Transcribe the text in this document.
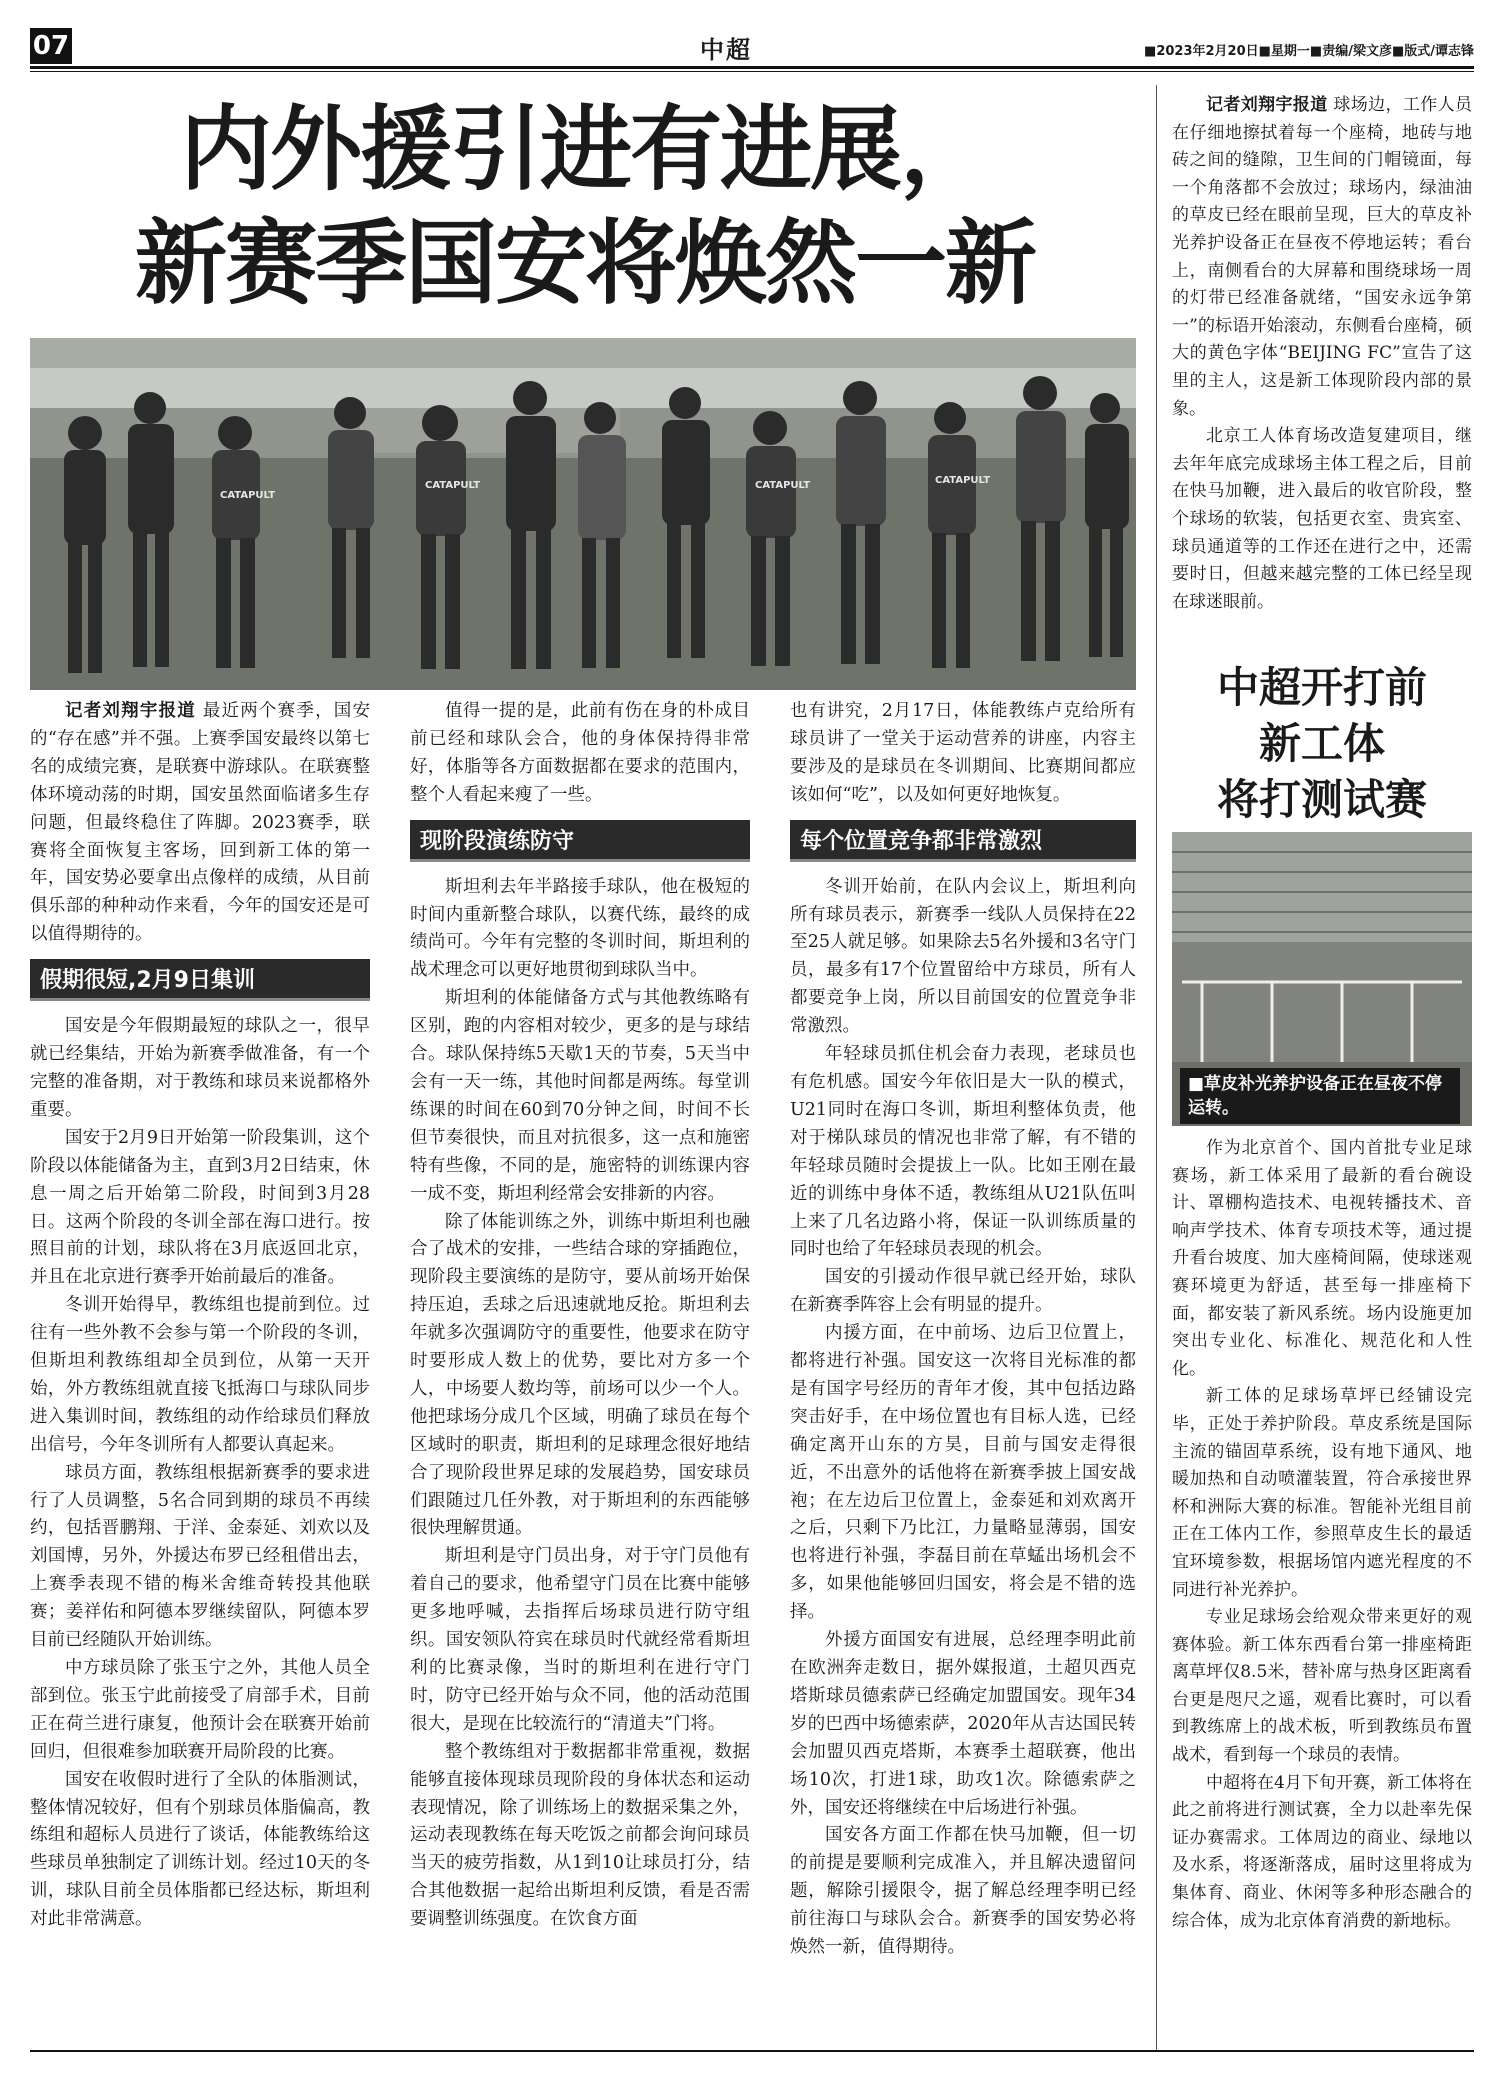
07	中超	■2023年2月20日■星期一■责编/梁文彦■版式/谭志锋
内外援引进有进展，
新赛季国安将焕然一新
CATAPULT
CATAPULT	CATAPULT	CATAPULT

记者刘翔宇报道 最近两个赛季，国安的“存在感”并不强。上赛季国安最终以第七名的成绩完赛，是联赛中游球队。在联赛整体环境动荡的时期，国安虽然面临诸多生存问题，但最终稳住了阵脚。2023赛季，联赛将全面恢复主客场，回到新工体的第一年，国安势必要拿出点像样的成绩，从目前俱乐部的种种动作来看，今年的国安还是可以值得期待的。

假期很短,2月9日集训

国安是今年假期最短的球队之一，很早就已经集结，开始为新赛季做准备，有一个完整的准备期，对于教练和球员来说都格外重要。

国安于2月9日开始第一阶段集训，这个阶段以体能储备为主，直到3月2日结束，休息一周之后开始第二阶段，时间到3月28日。这两个阶段的冬训全部在海口进行。按照目前的计划，球队将在3月底返回北京，并且在北京进行赛季开始前最后的准备。

冬训开始得早，教练组也提前到位。过往有一些外教不会参与第一个阶段的冬训，但斯坦利教练组却全员到位，从第一天开始，外方教练组就直接飞抵海口与球队同步进入集训时间，教练组的动作给球员们释放出信号，今年冬训所有人都要认真起来。

球员方面，教练组根据新赛季的要求进行了人员调整，5名合同到期的球员不再续约，包括晋鹏翔、于洋、金泰延、刘欢以及刘国博，另外，外援达布罗已经租借出去，上赛季表现不错的梅米舍维奇转投其他联赛；姜祥佑和阿德本罗继续留队，阿德本罗目前已经随队开始训练。

中方球员除了张玉宁之外，其他人员全部到位。张玉宁此前接受了肩部手术，目前正在荷兰进行康复，他预计会在联赛开始前回归，但很难参加联赛开局阶段的比赛。

国安在收假时进行了全队的体脂测试，整体情况较好，但有个别球员体脂偏高，教练组和超标人员进行了谈话，体能教练给这些球员单独制定了训练计划。经过10天的冬训，球队目前全员体脂都已经达标，斯坦利对此非常满意。

值得一提的是，此前有伤在身的朴成目前已经和球队会合，他的身体保持得非常好，体脂等各方面数据都在要求的范围内，整个人看起来瘦了一些。

现阶段演练防守

斯坦利去年半路接手球队，他在极短的时间内重新整合球队，以赛代练，最终的成绩尚可。今年有完整的冬训时间，斯坦利的战术理念可以更好地贯彻到球队当中。

斯坦利的体能储备方式与其他教练略有区别，跑的内容相对较少，更多的是与球结合。球队保持练5天歇1天的节奏，5天当中会有一天一练，其他时间都是两练。每堂训练课的时间在60到70分钟之间，时间不长但节奏很快，而且对抗很多，这一点和施密特有些像，不同的是，施密特的训练课内容一成不变，斯坦利经常会安排新的内容。

除了体能训练之外，训练中斯坦利也融合了战术的安排，一些结合球的穿插跑位，现阶段主要演练的是防守，要从前场开始保持压迫，丢球之后迅速就地反抢。斯坦利去年就多次强调防守的重要性，他要求在防守时要形成人数上的优势，要比对方多一个人，中场要人数均等，前场可以少一个人。他把球场分成几个区域，明确了球员在每个区域时的职责，斯坦利的足球理念很好地结合了现阶段世界足球的发展趋势，国安球员们跟随过几任外教，对于斯坦利的东西能够很快理解贯通。

斯坦利是守门员出身，对于守门员他有着自己的要求，他希望守门员在比赛中能够更多地呼喊，去指挥后场球员进行防守组织。国安领队符宾在球员时代就经常看斯坦利的比赛录像，当时的斯坦利在进行守门时，防守已经开始与众不同，他的活动范围很大，是现在比较流行的“清道夫”门将。

整个教练组对于数据都非常重视，数据能够直接体现球员现阶段的身体状态和运动表现情况，除了训练场上的数据采集之外，运动表现教练在每天吃饭之前都会询问球员当天的疲劳指数，从1到10让球员打分，结合其他数据一起给出斯坦利反馈，看是否需要调整训练强度。在饮食方面

也有讲究，2月17日，体能教练卢克给所有球员讲了一堂关于运动营养的讲座，内容主要涉及的是球员在冬训期间、比赛期间都应该如何“吃”，以及如何更好地恢复。

每个位置竞争都非常激烈

冬训开始前，在队内会议上，斯坦利向所有球员表示，新赛季一线队人员保持在22至25人就足够。如果除去5名外援和3名守门员，最多有17个位置留给中方球员，所有人都要竞争上岗，所以目前国安的位置竞争非常激烈。

年轻球员抓住机会奋力表现，老球员也有危机感。国安今年依旧是大一队的模式，U21同时在海口冬训，斯坦利整体负责，他对于梯队球员的情况也非常了解，有不错的年轻球员随时会提拔上一队。比如王刚在最近的训练中身体不适，教练组从U21队伍叫上来了几名边路小将，保证一队训练质量的同时也给了年轻球员表现的机会。

国安的引援动作很早就已经开始，球队在新赛季阵容上会有明显的提升。

内援方面，在中前场、边后卫位置上，都将进行补强。国安这一次将目光标准的都是有国字号经历的青年才俊，其中包括边路突击好手，在中场位置也有目标人选，已经确定离开山东的方昊，目前与国安走得很近，不出意外的话他将在新赛季披上国安战袍；在左边后卫位置上，金泰延和刘欢离开之后，只剩下乃比江，力量略显薄弱，国安也将进行补强，李磊目前在草蜢出场机会不多，如果他能够回归国安，将会是不错的选择。

外援方面国安有进展，总经理李明此前在欧洲奔走数日，据外媒报道，土超贝西克塔斯球员德索萨已经确定加盟国安。现年34岁的巴西中场德索萨，2020年从吉达国民转会加盟贝西克塔斯，本赛季土超联赛，他出场10次，打进1球，助攻1次。除德索萨之外，国安还将继续在中后场进行补强。

国安各方面工作都在快马加鞭，但一切的前提是要顺利完成准入，并且解决遗留问题，解除引援限令，据了解总经理李明已经前往海口与球队会合。新赛季的国安势必将焕然一新，值得期待。

记者刘翔宇报道 球场边，工作人员在仔细地擦拭着每一个座椅，地砖与地砖之间的缝隙，卫生间的门帽镜面，每一个角落都不会放过；球场内，绿油油的草皮已经在眼前呈现，巨大的草皮补光养护设备正在昼夜不停地运转；看台上，南侧看台的大屏幕和围绕球场一周的灯带已经准备就绪，“国安永远争第一”的标语开始滚动，东侧看台座椅，硕大的黄色字体“BEIJING FC”宣告了这里的主人，这是新工体现阶段内部的景象。

北京工人体育场改造复建项目，继去年年底完成球场主体工程之后，目前在快马加鞭，进入最后的收官阶段，整个球场的软装，包括更衣室、贵宾室、球员通道等的工作还在进行之中，还需要时日，但越来越完整的工体已经呈现在球迷眼前。

中超开打前
新工体
将打测试赛
■草皮补光养护设备正在昼夜不停运转。

作为北京首个、国内首批专业足球赛场，新工体采用了最新的看台碗设计、罩棚构造技术、电视转播技术、音响声学技术、体育专项技术等，通过提升看台坡度、加大座椅间隔，使球迷观赛环境更为舒适，甚至每一排座椅下面，都安装了新风系统。场内设施更加突出专业化、标准化、规范化和人性化。

新工体的足球场草坪已经铺设完毕，正处于养护阶段。草皮系统是国际主流的锚固草系统，设有地下通风、地暖加热和自动喷灌装置，符合承接世界杯和洲际大赛的标准。智能补光组目前正在工体内工作，参照草皮生长的最适宜环境参数，根据场馆内遮光程度的不同进行补光养护。

专业足球场会给观众带来更好的观赛体验。新工体东西看台第一排座椅距离草坪仅8.5米，替补席与热身区距离看台更是咫尺之遥，观看比赛时，可以看到教练席上的战术板，听到教练员布置战术，看到每一个球员的表情。

中超将在4月下旬开赛，新工体将在此之前将进行测试赛，全力以赴率先保证办赛需求。工体周边的商业、绿地以及水系，将逐渐落成，届时这里将成为集体育、商业、休闲等多种形态融合的综合体，成为北京体育消费的新地标。
